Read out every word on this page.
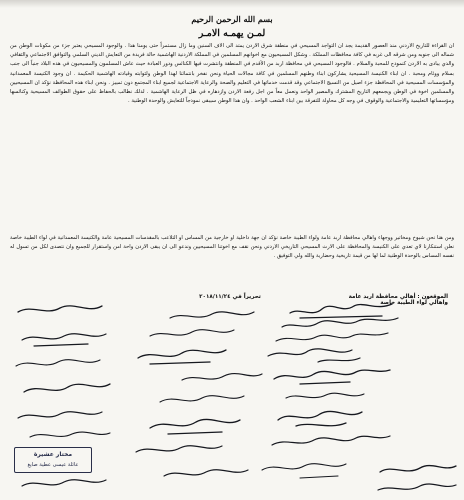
بسم الله الرحمن الرحيم
لمـن يهمـه الامـر
ان القراءة للتاريخ الاردني منذ العصور القديمة يجد ان التواجد المسيحي في منطقة شرق الاردن يمتد الى الاف السنين وما زال مستمراً حتى يومنا هذا . والوجود المسيحي يعتبر جزء من مكونات الوطن من شماله الى جنوبه ومن شرقه الى غربه في كافة محافظات المملكة . وشكل المسيحيون مع اخوانهم المسلمين في المملكة الاردنية الهاشمية حالة فريدة من التعايش الديني السلمي والتوافق الاجتماعي والثقافي والذي يبادى به الاردن كنموذج للمحبة والسلام . فالوجود المسيحي في محافظة اربد من الأقدم في المنطقة وانتشرت فيها الكنائس ودور العبادة حيث عاش المسلمون والمسيحيون في هذه البلاد جنباً الى جنب بسلام ووئام ومحبة . ان ابناء الكنيسة المسيحية يشاركون ابناء وطنهم المسلمين في كافة مجالات الحياة ونحن نفخر بانتمائنا لهذا الوطن ولثوابته وقيادته الهاشمية الحكيمة . ان وجود الكنيسة المعمدانية والمؤسسات المسيحية في المحافظة جزء اصيل من النسيج الاجتماعي وقد قدمت خدماتها في التعليم والصحة والرعاية الاجتماعية لجميع ابناء المجتمع دون تمييز . ونحن ابناء هذه المحافظة نؤكد ان المسيحيين والمسلمين اخوة في الوطن ويجمعهم التاريخ المشترك والمصير الواحد ونعمل معاً من اجل رفعة الاردن وازدهاره في ظل الرعاية الهاشمية . لذلك نطالب بالحفاظ على حقوق الطوائف المسيحية وكنائسها ومؤسساتها التعليمية والاجتماعية والوقوف في وجه كل محاولة للتفرقة بين ابناء الشعب الواحد . وان هذا الوطن سيبقى نموذجاً للتعايش والوحدة الوطنية .
ومن هنا نحن شيوخ ومخاتير ووجهاء واهالي محافظة اربد عامة ولواء الطيبة خاصة نؤكد ان جهة داخلية او خارجية من المساس او التلاعب بالمقدسات المسيحية عامة والكنيسة المعمدانية في لواء الطيبة خاصة نعلن استنكارنا لاي تعدي على الكنيسة والمحافظة على الارث المسيحي التاريخي الاردني ونحن نقف مع اخوتنا المسيحيين وندعو الى ان يبقى الاردن واحة امن واستقرار للجميع وان نتصدى لكل من تسول له نفسه المساس بالوحدة الوطنية لما لها من قيمة تاريخية وحضارية والله ولي التوفيق .
الموقعون : أهالي محافظة اربد عامة واهالي لواء الطيبة خاصة
تحريراً في ٢٠١٨/١١/٢٤
مختار عشيرة
عائلة عيسى عطية صايغ
